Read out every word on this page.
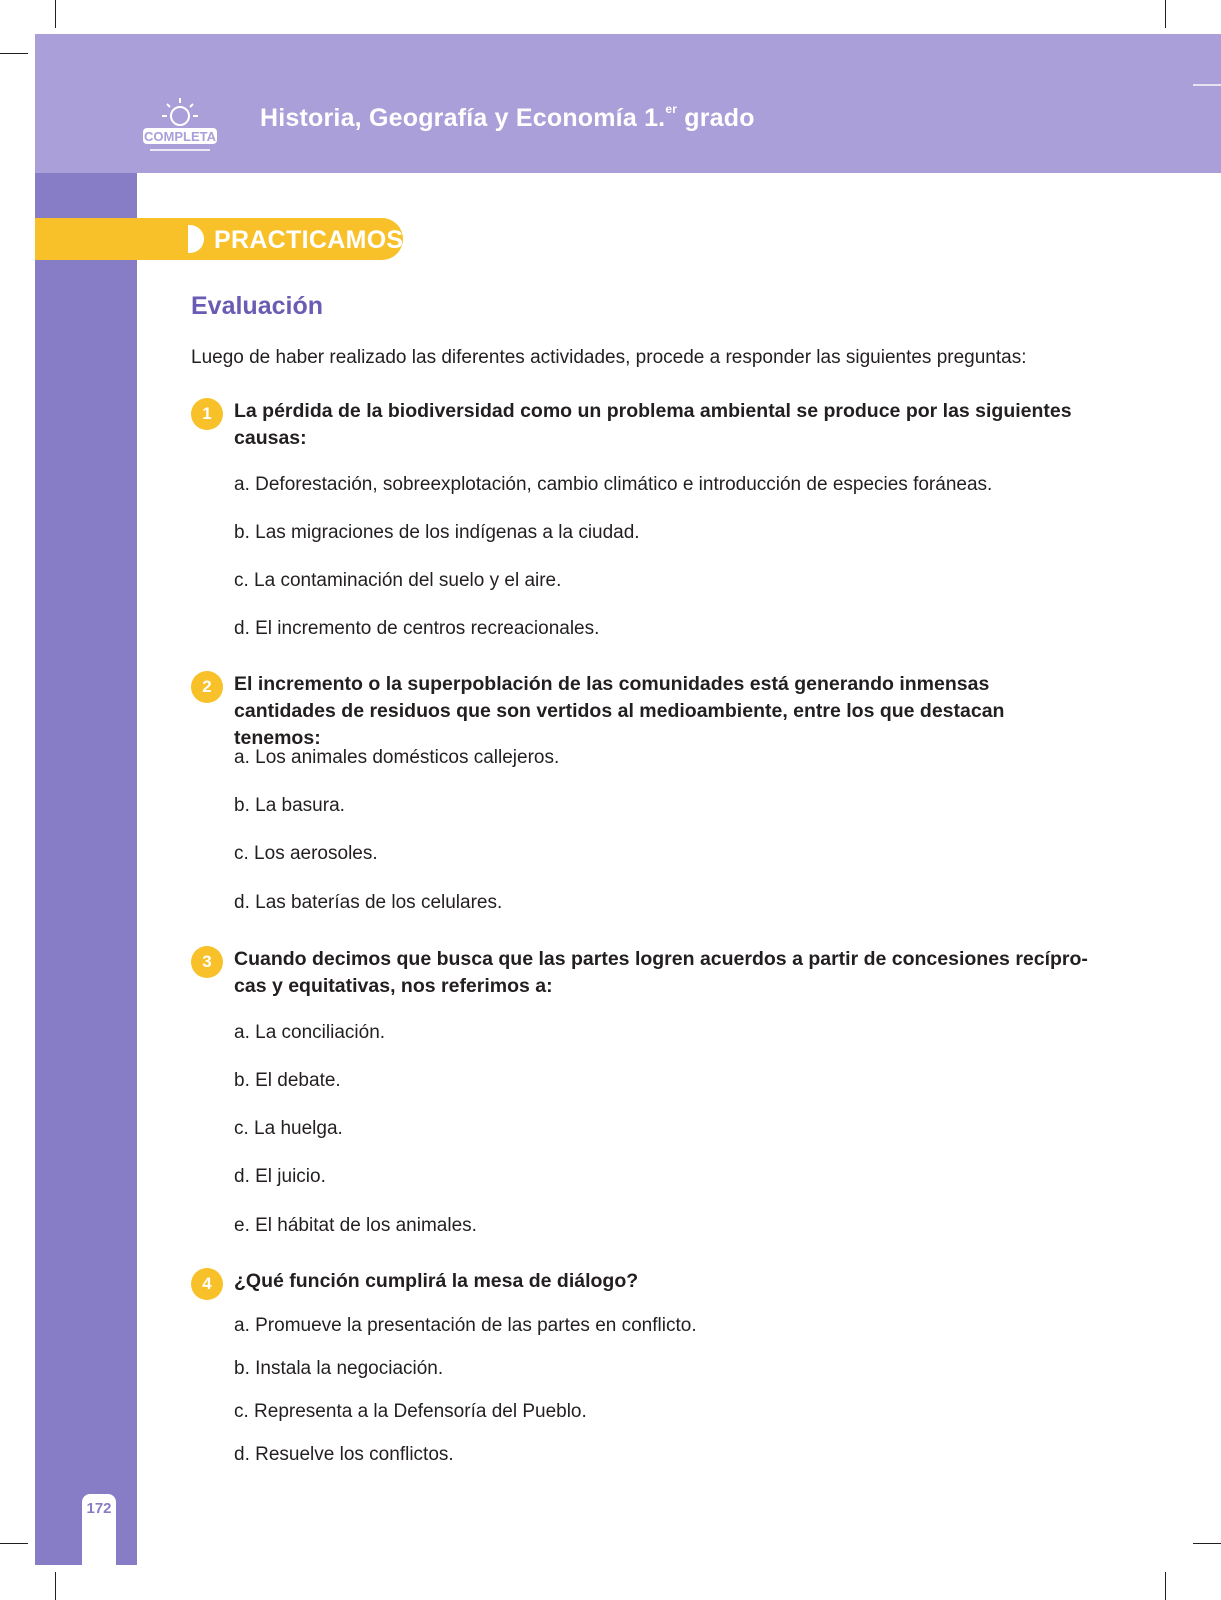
Historia, Geografía y Economía 1.$^{er}$ grado
COMPLETA
172
PRACTICAMOS
Evaluación

Luego de haber realizado las diferentes actividades, procede a responder las siguientes preguntas:

1	La pérdida de la biodiversidad como un problema ambiental se produce por las siguientes causas:

a. Deforestación, sobreexplotación, cambio climático e introducción de especies foráneas.

b. Las migraciones de los indígenas a la ciudad.

c. La contaminación del suelo y el aire.

d. El incremento de centros recreacionales.

2	El incremento o la superpoblación de las comunidades está generando inmensas cantidades de residuos que son vertidos al medioambiente, entre los que destacan tenemos:

a. Los animales domésticos callejeros.

b. La basura.

c. Los aerosoles.

d. Las baterías de los celulares.

3	Cuando decimos que busca que las partes logren acuerdos a partir de concesiones recípro-cas y equitativas, nos referimos a:

a. La conciliación.

b. El debate.

c. La huelga.

d. El juicio.

e. El hábitat de los animales.

4	¿Qué función cumplirá la mesa de diálogo?

a. Promueve la presentación de las partes en conflicto.

b. Instala la negociación.

c. Representa a la Defensoría del Pueblo.

d. Resuelve los conflictos.
